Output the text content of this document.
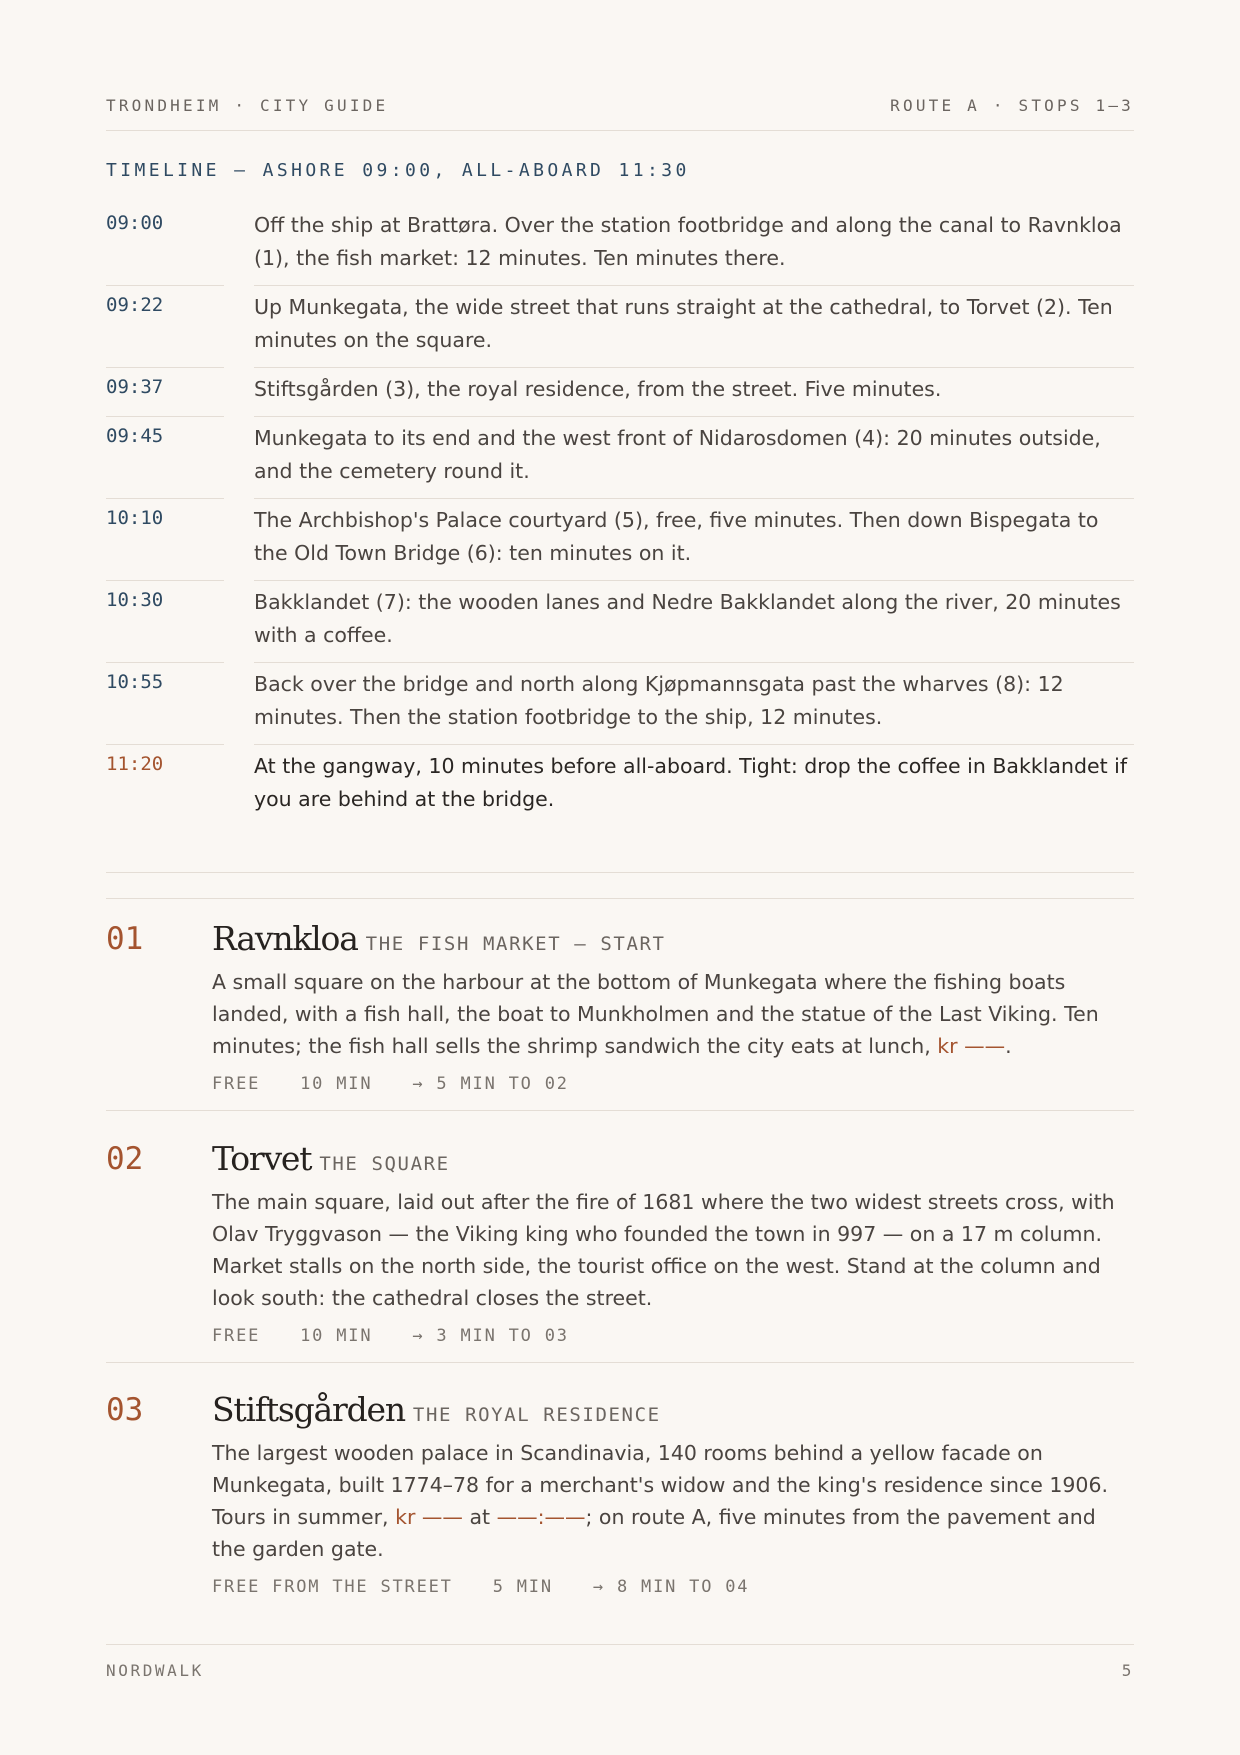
TRONDHEIM · CITY GUIDE	ROUTE A · STOPS 1–3
TIMELINE — ASHORE 09:00, ALL-ABOARD 11:30
09:00	Off the ship at Brattøra. Over the station footbridge and along the canal to Ravnkloa (1), the fish market: 12 minutes. Ten minutes there.
09:22	Up Munkegata, the wide street that runs straight at the cathedral, to Torvet (2). Ten minutes on the square.
09:37	Stiftsgården (3), the royal residence, from the street. Five minutes.
09:45	Munkegata to its end and the west front of Nidarosdomen (4): 20 minutes outside, and the cemetery round it.
10:10	The Archbishop's Palace courtyard (5), free, five minutes. Then down Bispegata to the Old Town Bridge (6): ten minutes on it.
10:30	Bakklandet (7): the wooden lanes and Nedre Bakklandet along the river, 20 minutes with a coffee.
10:55	Back over the bridge and north along Kjøpmannsgata past the wharves (8): 12 minutes. Then the station footbridge to the ship, 12 minutes.
11:20	At the gangway, 10 minutes before all-aboard. Tight: drop the coffee in Bakklandet if you are behind at the bridge.
01	Ravnkloa THE FISH MARKET — START
A small square on the harbour at the bottom of Munkegata where the fishing boats landed, with a fish hall, the boat to Munkholmen and the statue of the Last Viking. Ten minutes; the fish hall sells the shrimp sandwich the city eats at lunch, kr ——.
FREE 10 MIN → 5 MIN TO 02
02	Torvet THE SQUARE
The main square, laid out after the fire of 1681 where the two widest streets cross, with Olav Tryggvason — the Viking king who founded the town in 997 — on a 17 m column. Market stalls on the north side, the tourist office on the west. Stand at the column and look south: the cathedral closes the street.
FREE 10 MIN → 3 MIN TO 03
03	Stiftsgården THE ROYAL RESIDENCE
The largest wooden palace in Scandinavia, 140 rooms behind a yellow facade on Munkegata, built 1774–78 for a merchant's widow and the king's residence since 1906. Tours in summer, kr —— at ——:——; on route A, five minutes from the pavement and the garden gate.
FREE FROM THE STREET 5 MIN → 8 MIN TO 04
NORDWALK	5
